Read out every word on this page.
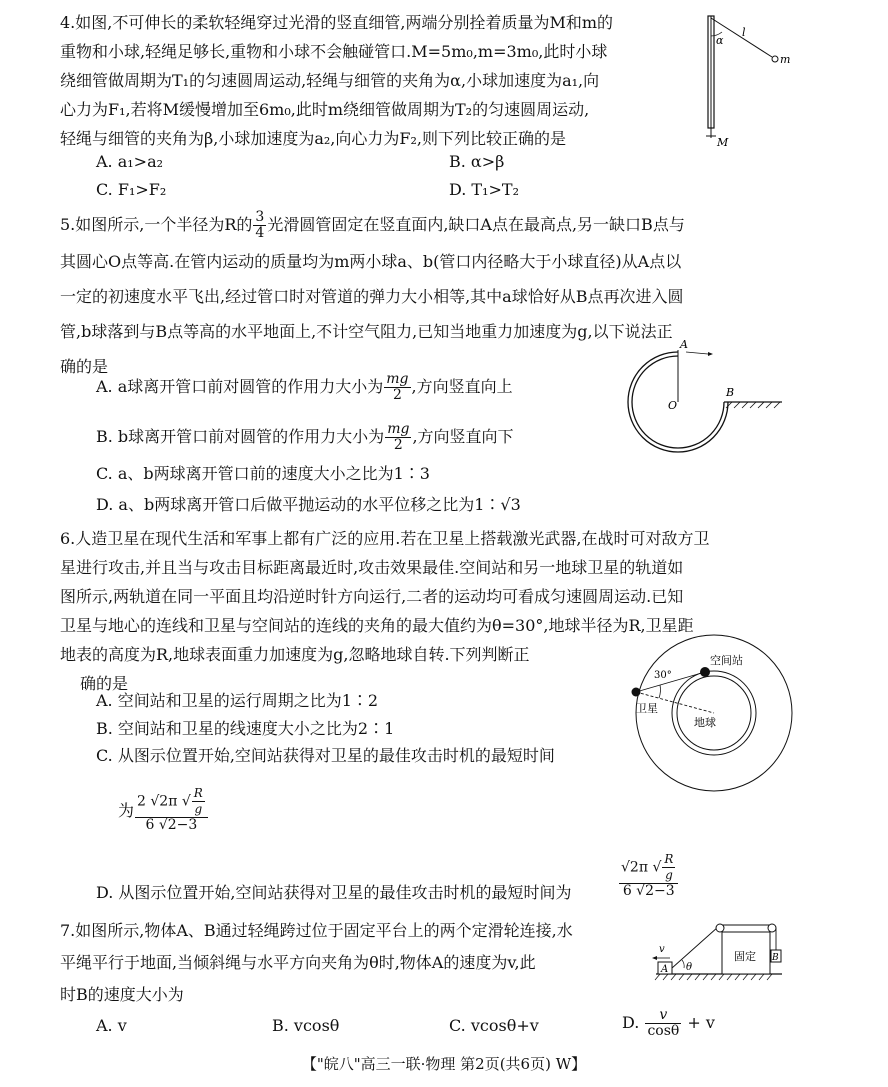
4.如图,不可伸长的柔软轻绳穿过光滑的竖直细管,两端分别拴着质量为M和m的

重物和小球,轻绳足够长,重物和小球不会触碰管口.M=5m₀,m=3m₀,此时小球

绕细管做周期为T₁的匀速圆周运动,轻绳与细管的夹角为α,小球加速度为a₁,向

心力为F₁,若将M缓慢增加至6m₀,此时m绕细管做周期为T₂的匀速圆周运动,

轻绳与细管的夹角为β,小球加速度为a₂,向心力为F₂,则下列比较正确的是

A. a₁>a₂	B. α>β
C. F₁>F₂	D. T₁>T₂
α
l
m
M

5.如图所示,一个半径为R的 $\frac{3}{4}$ 光滑圆管固定在竖直面内,缺口A点在最高点,另一缺口B点与

其圆心O点等高.在管内运动的质量均为m两小球a、b(管口内径略大于小球直径)从A点以

一定的初速度水平飞出,经过管口时对管道的弹力大小相等,其中a球恰好从B点再次进入圆

管,b球落到与B点等高的水平地面上,不计空气阻力,已知当地重力加速度为g,以下说法正

确的是

A. a球离开管口前对圆管的作用力大小为 $\frac{mg}{2}$ ,方向竖直向上
B. b球离开管口前对圆管的作用力大小为 $\frac{mg}{2}$ ,方向竖直向下
C. a、b两球离开管口前的速度大小之比为1∶3
D. a、b两球离开管口后做平抛运动的水平位移之比为1∶√3
A
O
B

6.人造卫星在现代生活和军事上都有广泛的应用.若在卫星上搭载激光武器,在战时可对敌方卫

星进行攻击,并且当与攻击目标距离最近时,攻击效果最佳.空间站和另一地球卫星的轨道如

图所示,两轨道在同一平面且均沿逆时针方向运行,二者的运动均可看成匀速圆周运动.已知

卫星与地心的连线和卫星与空间站的连线的夹角的最大值约为θ=30°,地球半径为R,卫星距

地表的高度为R,地球表面重力加速度为g,忽略地球自转.下列判断正

确的是

A. 空间站和卫星的运行周期之比为1∶2
B. 空间站和卫星的线速度大小之比为2∶1
C. 从图示位置开始,空间站获得对卫星的最佳攻击时机的最短时间
为 $\frac{2 √2\pi √ \frac{R}{g}}{6 √2-3}$
D. 从图示位置开始,空间站获得对卫星的最佳攻击时机的最短时间为	$\frac{√2\pi √ \frac{R}{g}}{6 √2-3}$
30°
空间站
卫星
地球

7.如图所示,物体A、B通过轻绳跨过位于固定平台上的两个定滑轮连接,水

平绳平行于地面,当倾斜绳与水平方向夹角为θ时,物体A的速度为v,此

时B的速度大小为

A. v	B. vcosθ	C. vcosθ+v	D. $\frac{v}{\cos\theta} + v$
v
A θ
固定 B
【"皖八"高三一联·物理 第2页(共6页) W】
